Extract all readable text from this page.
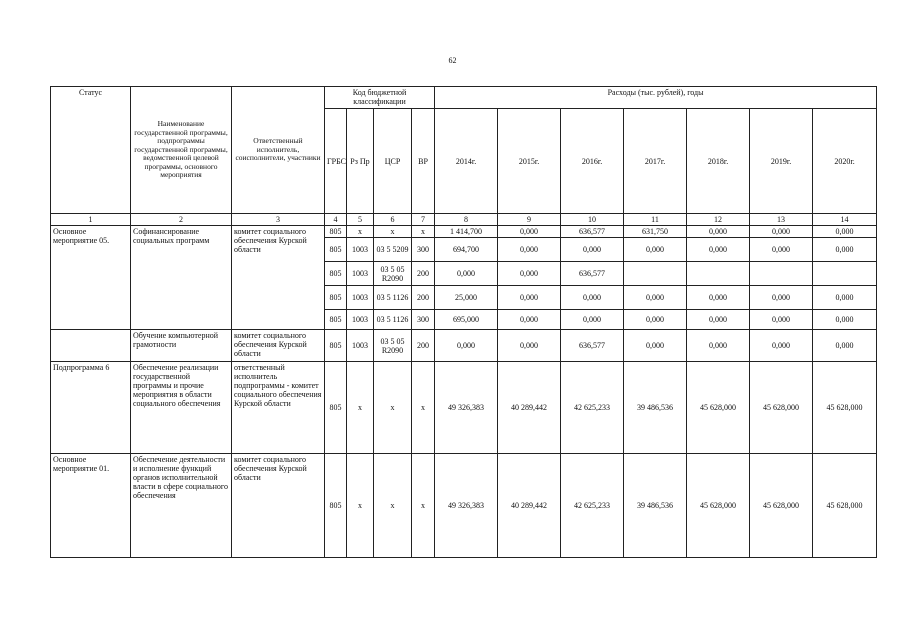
62
Статус	Наименование государственной программы, подпрограммы государственной программы, ведомственной целевой программы, основного мероприятия	Ответственный исполнитель, соисполнители, участники	Код бюджетной классификации				Расходы (тыс. рублей), годы						
			ГРБС	Рз Пр	ЦСР	ВР	2014г.	2015г.	2016г.	2017г.	2018г.	2019г.	2020г.
1	2	3	4	5	6	7	8	9	10	11	12	13	14
Основное мероприятие 05.	Софинансирование социальных программ	комитет социального обеспечения Курской области	805	х	х	х	1 414,700	0,000	636,577	631,750	0,000	0,000	0,000
			805	1003	03 5 5209	300	694,700	0,000	0,000	0,000	0,000	0,000	0,000
			805	1003	03 5 05 R2090	200	0,000	0,000	636,577				
			805	1003	03 5 1126	200	25,000	0,000	0,000	0,000	0,000	0,000	0,000
			805	1003	03 5 1126	300	695,000	0,000	0,000	0,000	0,000	0,000	0,000
	Обучение компьютерной грамотности	комитет социального обеспечения Курской области	805	1003	03 5 05 R2090	200	0,000	0,000	636,577	0,000	0,000	0,000	0,000
Подпрограмма 6	Обеспечение реализации государственной программы и прочие мероприятия в области социального обеспечения	ответственный исполнитель подпрограммы - комитет социального обеспечения Курской области	805	х	х	х	49 326,383	40 289,442	42 625,233	39 486,536	45 628,000	45 628,000	45 628,000
Основное мероприятие 01.	Обеспечение деятельности и исполнение функций органов исполнительной власти в сфере социального обеспечения	комитет социального обеспечения Курской области	805	х	х	х	49 326,383	40 289,442	42 625,233	39 486,536	45 628,000	45 628,000	45 628,000
